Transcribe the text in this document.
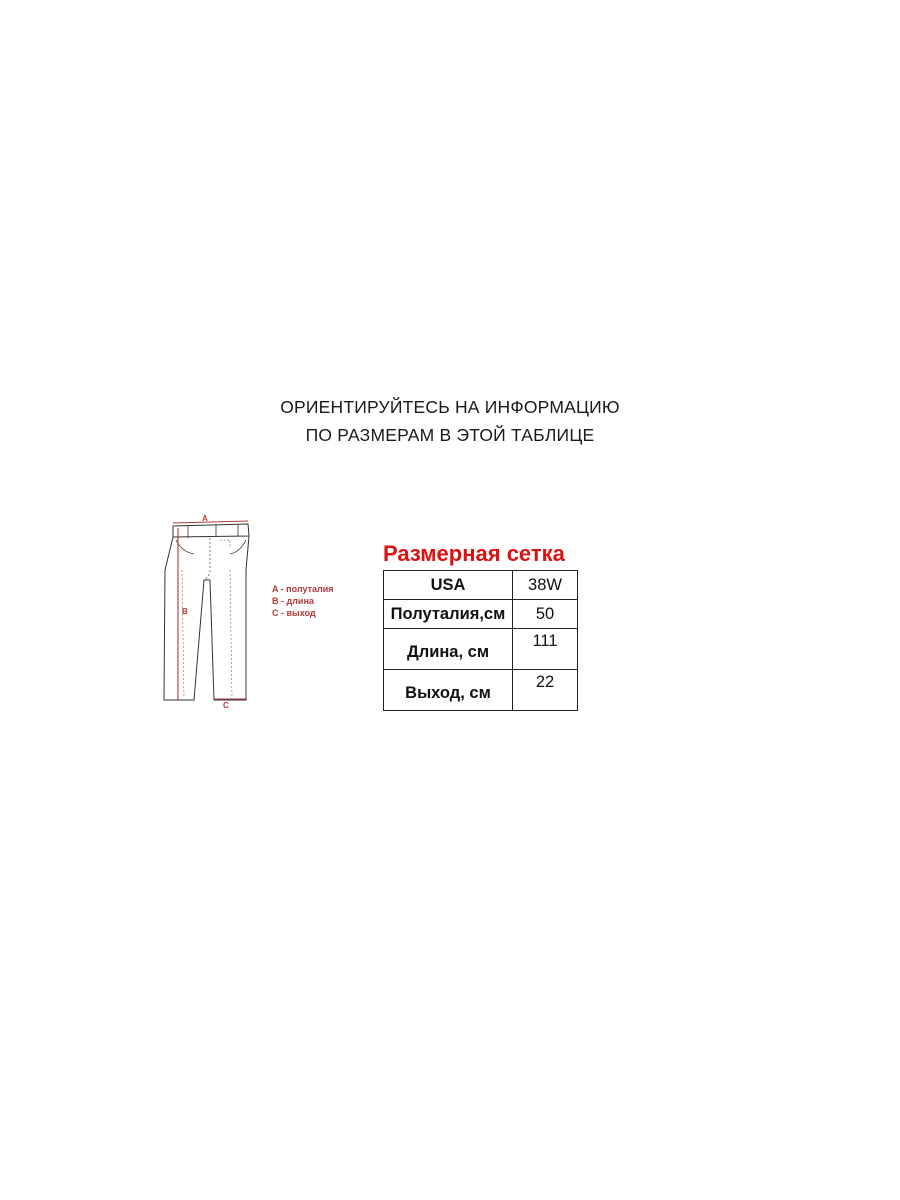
ОРИЕНТИРУЙТЕСЬ НА ИНФОРМАЦИЮ
ПО РАЗМЕРАМ В ЭТОЙ ТАБЛИЦЕ
A
B
C
A - полуталия
B - длина
C - выход
Размерная сетка
USA	38W
Полуталия,см	50
Длина, см	111
Выход, см	22
